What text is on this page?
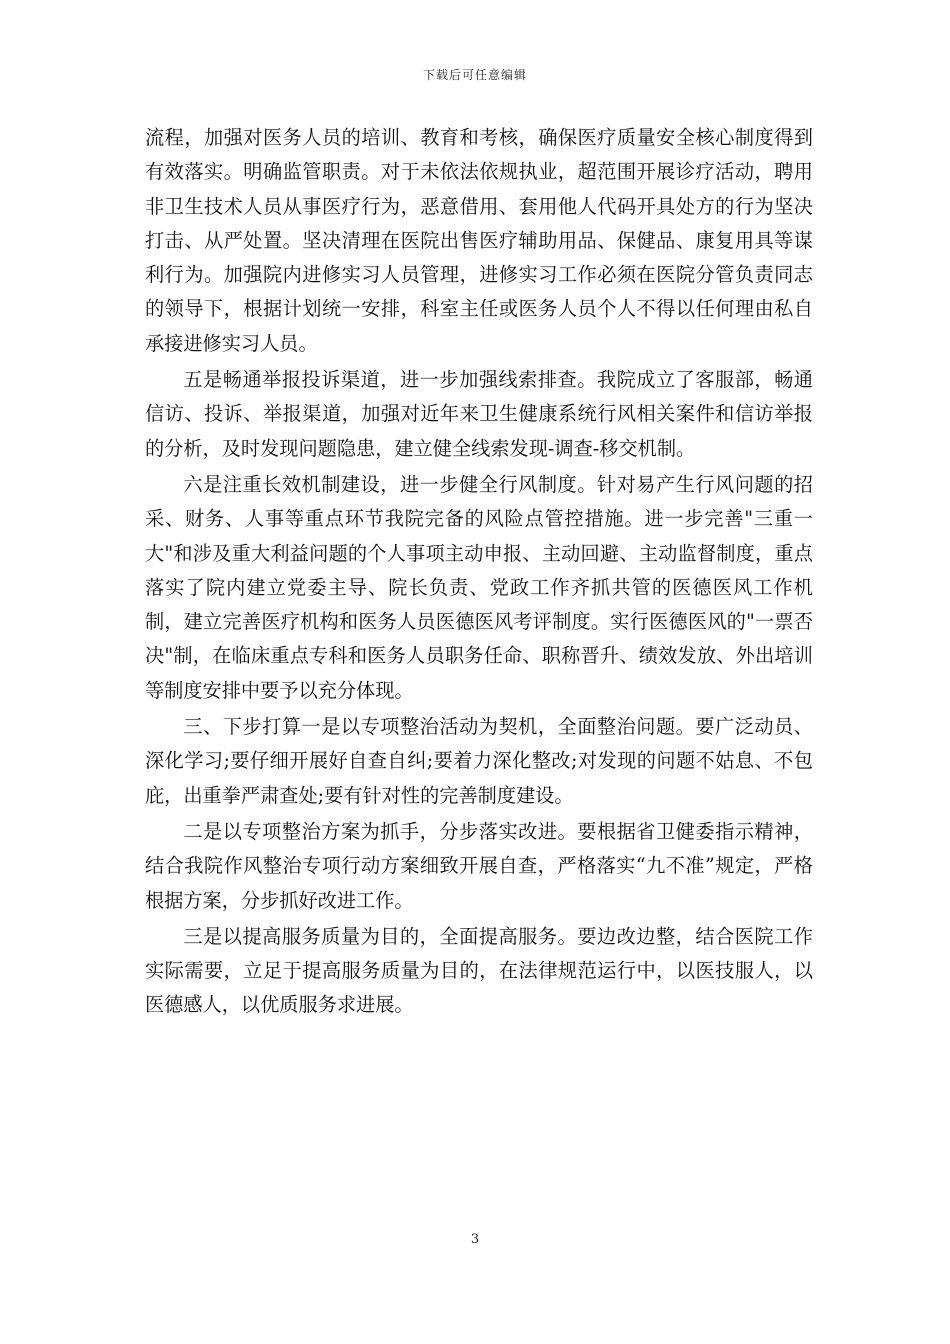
下载后可任意编辑

流程，加强对医务人员的培训、教育和考核，确保医疗质量安全核心制度得到有效落实。明确监管职责。对于未依法依规执业，超范围开展诊疗活动，聘用非卫生技术人员从事医疗行为，恶意借用、套用他人代码开具处方的行为坚决打击、从严处置。坚决清理在医院出售医疗辅助用品、保健品、康复用具等谋利行为。加强院内进修实习人员管理，进修实习工作必须在医院分管负责同志的领导下，根据计划统一安排，科室主任或医务人员个人不得以任何理由私自承接进修实习人员。

五是畅通举报投诉渠道，进一步加强线索排查。我院成立了客服部，畅通信访、投诉、举报渠道，加强对近年来卫生健康系统行风相关案件和信访举报的分析，及时发现问题隐患，建立健全线索发现-调查-移交机制。

六是注重长效机制建设，进一步健全行风制度。针对易产生行风问题的招采、财务、人事等重点环节我院完备的风险点管控措施。进一步完善"三重一大"和涉及重大利益问题的个人事项主动申报、主动回避、主动监督制度，重点落实了院内建立党委主导、院长负责、党政工作齐抓共管的医德医风工作机制，建立完善医疗机构和医务人员医德医风考评制度。实行医德医风的"一票否决"制，在临床重点专科和医务人员职务任命、职称晋升、绩效发放、外出培训等制度安排中要予以充分体现。

三、下步打算一是以专项整治活动为契机，全面整治问题。要广泛动员、深化学习;要仔细开展好自查自纠;要着力深化整改;对发现的问题不姑息、不包庇，出重拳严肃查处;要有针对性的完善制度建设。

二是以专项整治方案为抓手，分步落实改进。要根据省卫健委指示精神，结合我院作风整治专项行动方案细致开展自查，严格落实“九不准”规定，严格根据方案，分步抓好改进工作。

三是以提高服务质量为目的，全面提高服务。要边改边整，结合医院工作实际需要，立足于提高服务质量为目的，在法律规范运行中，以医技服人，以医德感人，以优质服务求进展。

3
